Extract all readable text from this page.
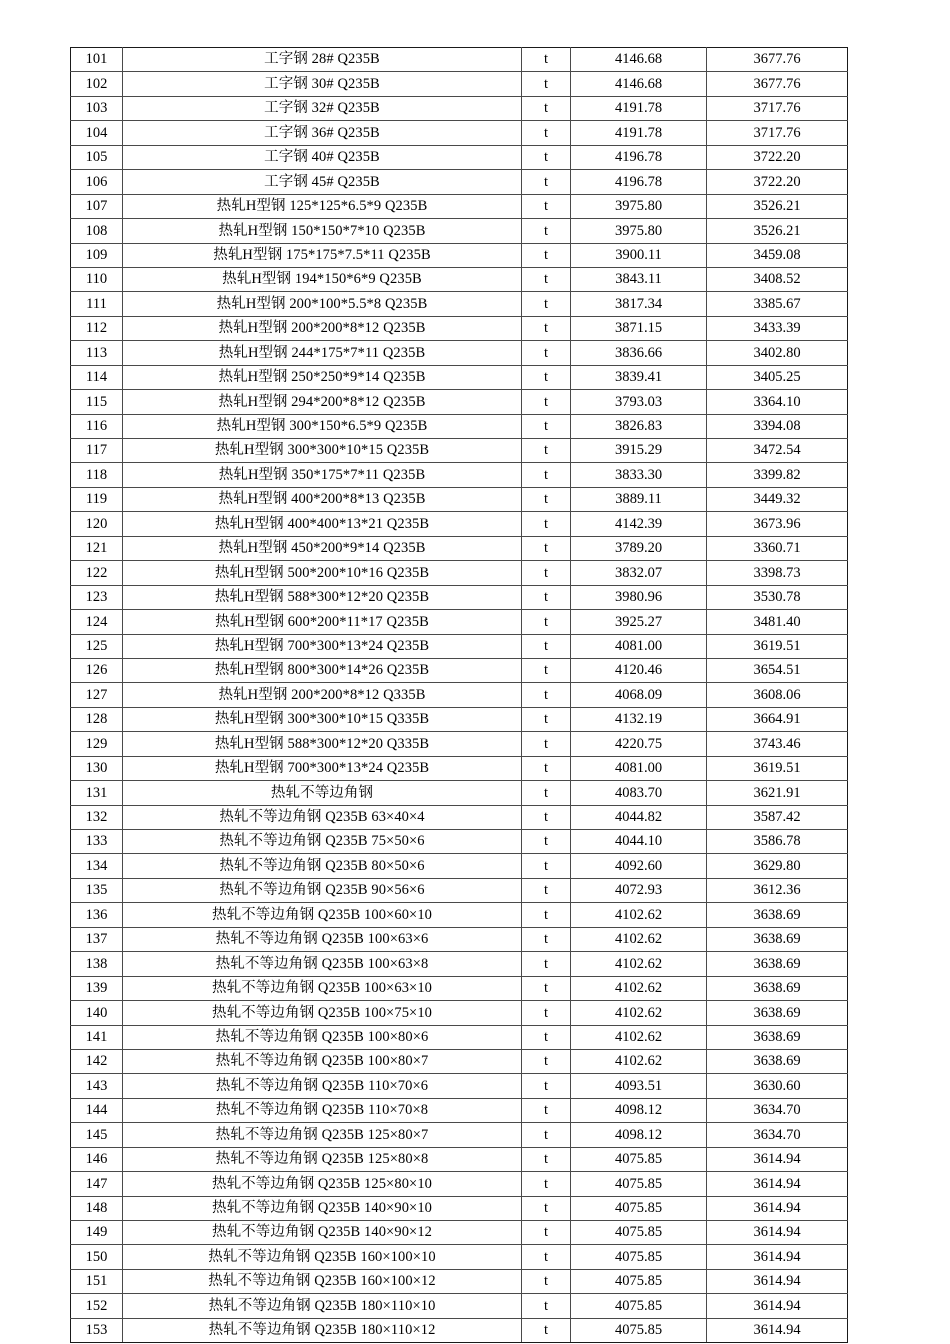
101	工字钢 28# Q235B	t	4146.68	3677.76
102	工字钢 30# Q235B	t	4146.68	3677.76
103	工字钢 32# Q235B	t	4191.78	3717.76
104	工字钢 36# Q235B	t	4191.78	3717.76
105	工字钢 40# Q235B	t	4196.78	3722.20
106	工字钢 45# Q235B	t	4196.78	3722.20
107	热轧H型钢 125*125*6.5*9 Q235B	t	3975.80	3526.21
108	热轧H型钢 150*150*7*10 Q235B	t	3975.80	3526.21
109	热轧H型钢 175*175*7.5*11 Q235B	t	3900.11	3459.08
110	热轧H型钢 194*150*6*9 Q235B	t	3843.11	3408.52
111	热轧H型钢 200*100*5.5*8 Q235B	t	3817.34	3385.67
112	热轧H型钢 200*200*8*12 Q235B	t	3871.15	3433.39
113	热轧H型钢 244*175*7*11 Q235B	t	3836.66	3402.80
114	热轧H型钢 250*250*9*14 Q235B	t	3839.41	3405.25
115	热轧H型钢 294*200*8*12 Q235B	t	3793.03	3364.10
116	热轧H型钢 300*150*6.5*9 Q235B	t	3826.83	3394.08
117	热轧H型钢 300*300*10*15 Q235B	t	3915.29	3472.54
118	热轧H型钢 350*175*7*11 Q235B	t	3833.30	3399.82
119	热轧H型钢 400*200*8*13 Q235B	t	3889.11	3449.32
120	热轧H型钢 400*400*13*21 Q235B	t	4142.39	3673.96
121	热轧H型钢 450*200*9*14 Q235B	t	3789.20	3360.71
122	热轧H型钢 500*200*10*16 Q235B	t	3832.07	3398.73
123	热轧H型钢 588*300*12*20 Q235B	t	3980.96	3530.78
124	热轧H型钢 600*200*11*17 Q235B	t	3925.27	3481.40
125	热轧H型钢 700*300*13*24 Q235B	t	4081.00	3619.51
126	热轧H型钢 800*300*14*26 Q235B	t	4120.46	3654.51
127	热轧H型钢 200*200*8*12 Q335B	t	4068.09	3608.06
128	热轧H型钢 300*300*10*15 Q335B	t	4132.19	3664.91
129	热轧H型钢 588*300*12*20 Q335B	t	4220.75	3743.46
130	热轧H型钢 700*300*13*24 Q235B	t	4081.00	3619.51
131	热轧不等边角钢	t	4083.70	3621.91
132	热轧不等边角钢 Q235B 63×40×4	t	4044.82	3587.42
133	热轧不等边角钢 Q235B 75×50×6	t	4044.10	3586.78
134	热轧不等边角钢 Q235B 80×50×6	t	4092.60	3629.80
135	热轧不等边角钢 Q235B 90×56×6	t	4072.93	3612.36
136	热轧不等边角钢 Q235B 100×60×10	t	4102.62	3638.69
137	热轧不等边角钢 Q235B 100×63×6	t	4102.62	3638.69
138	热轧不等边角钢 Q235B 100×63×8	t	4102.62	3638.69
139	热轧不等边角钢 Q235B 100×63×10	t	4102.62	3638.69
140	热轧不等边角钢 Q235B 100×75×10	t	4102.62	3638.69
141	热轧不等边角钢 Q235B 100×80×6	t	4102.62	3638.69
142	热轧不等边角钢 Q235B 100×80×7	t	4102.62	3638.69
143	热轧不等边角钢 Q235B 110×70×6	t	4093.51	3630.60
144	热轧不等边角钢 Q235B 110×70×8	t	4098.12	3634.70
145	热轧不等边角钢 Q235B 125×80×7	t	4098.12	3634.70
146	热轧不等边角钢 Q235B 125×80×8	t	4075.85	3614.94
147	热轧不等边角钢 Q235B 125×80×10	t	4075.85	3614.94
148	热轧不等边角钢 Q235B 140×90×10	t	4075.85	3614.94
149	热轧不等边角钢 Q235B 140×90×12	t	4075.85	3614.94
150	热轧不等边角钢 Q235B 160×100×10	t	4075.85	3614.94
151	热轧不等边角钢 Q235B 160×100×12	t	4075.85	3614.94
152	热轧不等边角钢 Q235B 180×110×10	t	4075.85	3614.94
153	热轧不等边角钢 Q235B 180×110×12	t	4075.85	3614.94
